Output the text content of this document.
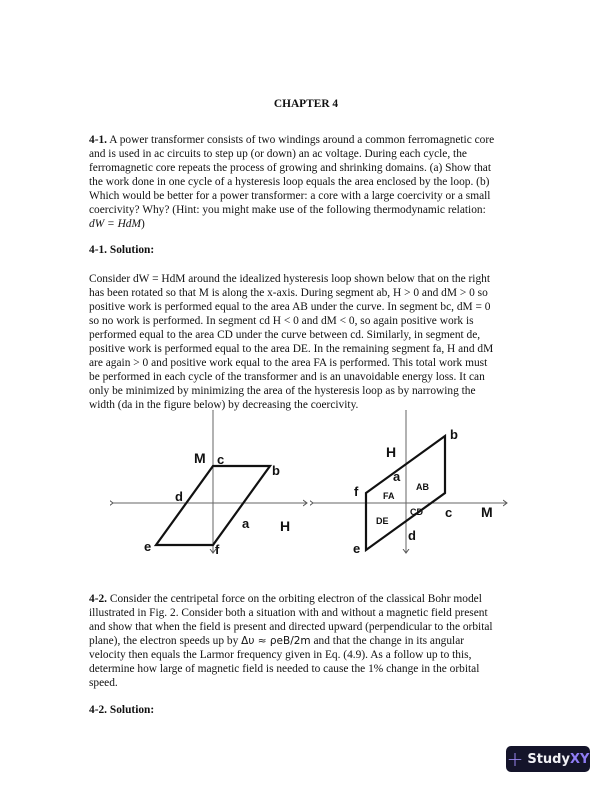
CHAPTER 4
4-1. A power transformer consists of two windings around a common ferromagnetic core
and is used in ac circuits to step up (or down) an ac voltage. During each cycle, the
ferromagnetic core repeats the process of growing and shrinking domains. (a) Show that
the work done in one cycle of a hysteresis loop equals the area enclosed by the loop. (b)
Which would be better for a power transformer: a core with a large coercivity or a small
coercivity? Why? (Hint: you might make use of the following thermodynamic relation:
dW = HdM)
4-1. Solution:
Consider dW = HdM around the idealized hysteresis loop shown below that on the right
has been rotated so that M is along the x-axis. During segment ab, H > 0 and dM > 0 so
positive work is performed equal to the area AB under the curve. In segment bc, dM = 0
so no work is performed. In segment cd H < 0 and dM < 0, so again positive work is
performed equal to the area CD under the curve between cd. Similarly, in segment de,
positive work is performed equal to the area DE. In the remaining segment fa, H and dM
are again > 0 and positive work equal to the area FA is performed. This total work must
be performed in each cycle of the transformer and is an unavoidable energy loss. It can
only be minimized by minimizing the area of the hysteresis loop as by narrowing the
width (da in the figure below) by decreasing the coercivity.
M
H
c
b
d
a
e	f
H
M
b
a
f
c
d
e
AB
FA
CD
DE
4-2. Consider the centripetal force on the orbiting electron of the classical Bohr model
illustrated in Fig. 2. Consider both a situation with and without a magnetic field present
and show that when the field is present and directed upward (perpendicular to the orbital
plane), the electron speeds up by Δυ ≈ ρeB/2m and that the change in its angular
velocity then equals the Larmor frequency given in Eq. (4.9). As a follow up to this,
determine how large of magnetic field is needed to cause the 1% change in the orbital
speed.
4-2. Solution:
+ StudyXY
